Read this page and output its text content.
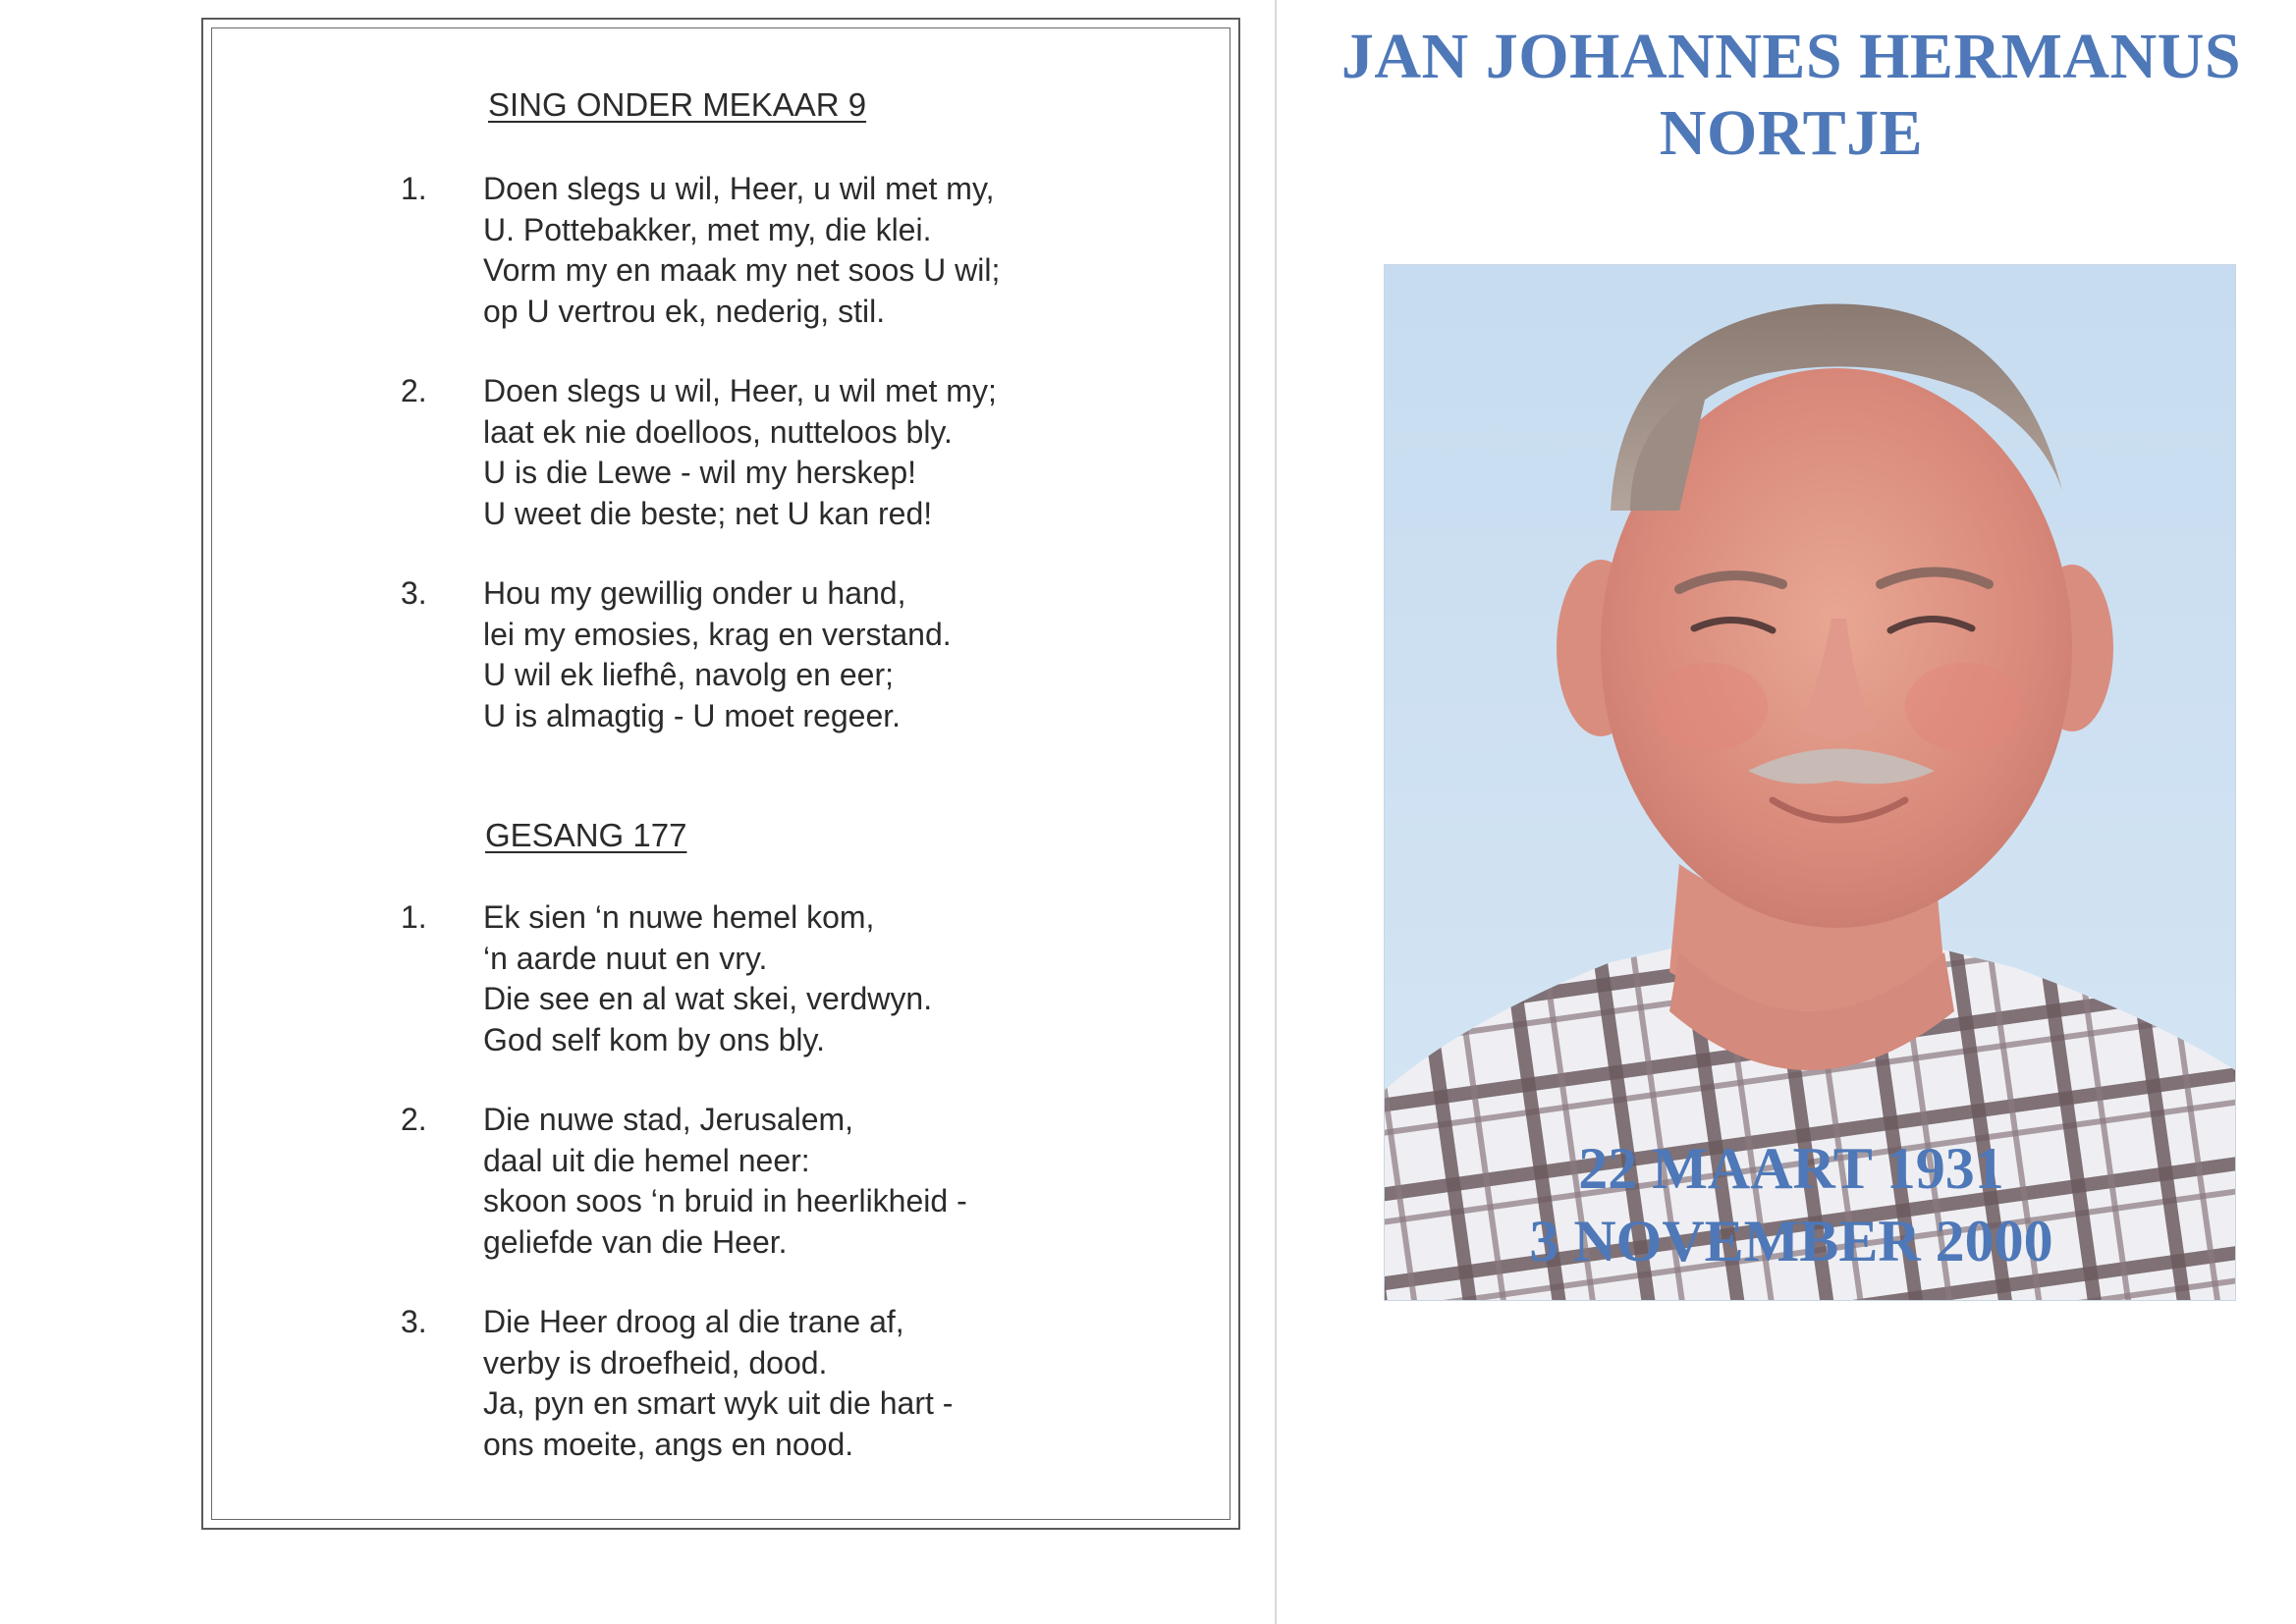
SING ONDER MEKAAR 9
1.	Doen slegs u wil, Heer, u wil met my,
U. Pottebakker, met my, die klei.
Vorm my en maak my net soos U wil;
op U vertrou ek, nederig, stil.
2.	Doen slegs u wil, Heer, u wil met my;
laat ek nie doelloos, nutteloos bly.
U is die Lewe - wil my herskep!
U weet die beste; net U kan red!
3.	Hou my gewillig onder u hand,
lei my emosies, krag en verstand.
U wil ek liefhê, navolg en eer;
U is almagtig - U moet regeer.
GESANG 177
1.	Ek sien ‘n nuwe hemel kom,
‘n aarde nuut en vry.
Die see en al wat skei, verdwyn.
God self kom by ons bly.
2.	Die nuwe stad, Jerusalem,
daal uit die hemel neer:
skoon soos ‘n bruid in heerlikheid -
geliefde van die Heer.
3.	Die Heer droog al die trane af,
verby is droefheid, dood.
Ja, pyn en smart wyk uit die hart -
ons moeite, angs en nood.
JAN JOHANNES HERMANUS
NORTJE
22 MAART 1931
3 NOVEMBER 2000
